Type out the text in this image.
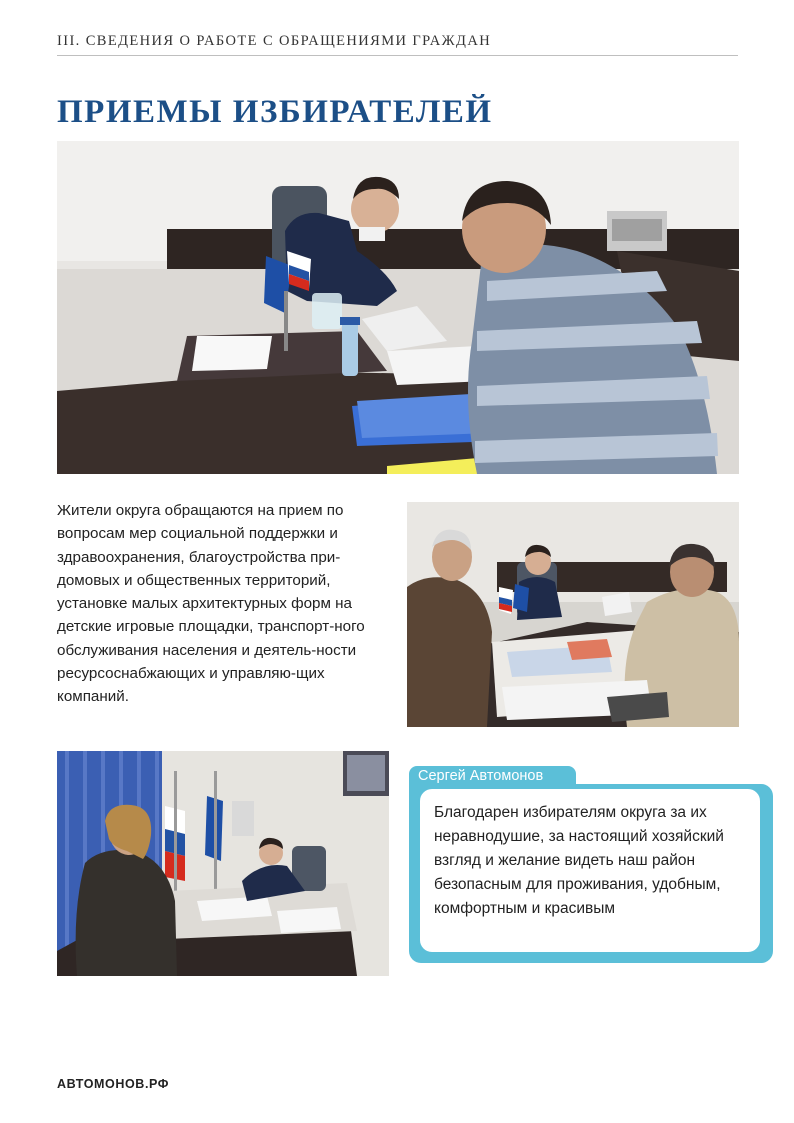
III. СВЕДЕНИЯ О РАБОТЕ С ОБРАЩЕНИЯМИ ГРАЖДАН
ПРИЕМЫ ИЗБИРАТЕЛЕЙ
Жители округа обращаются на прием по вопросам мер социальной поддержки и здравоохранения, благоустройства при-домовых и общественных территорий, установке малых архитектурных форм на детские игровые площадки, транспорт-ного обслуживания населения и деятель-ности ресурсоснабжающих и управляю-щих компаний.
Сергей Автомонов
Благодарен избирателям округа за их неравнодушие, за настоящий хозяйский взгляд и желание видеть наш район безопасным для проживания, удобным, комфортным и красивым
АВТОМОНОВ.РФ
